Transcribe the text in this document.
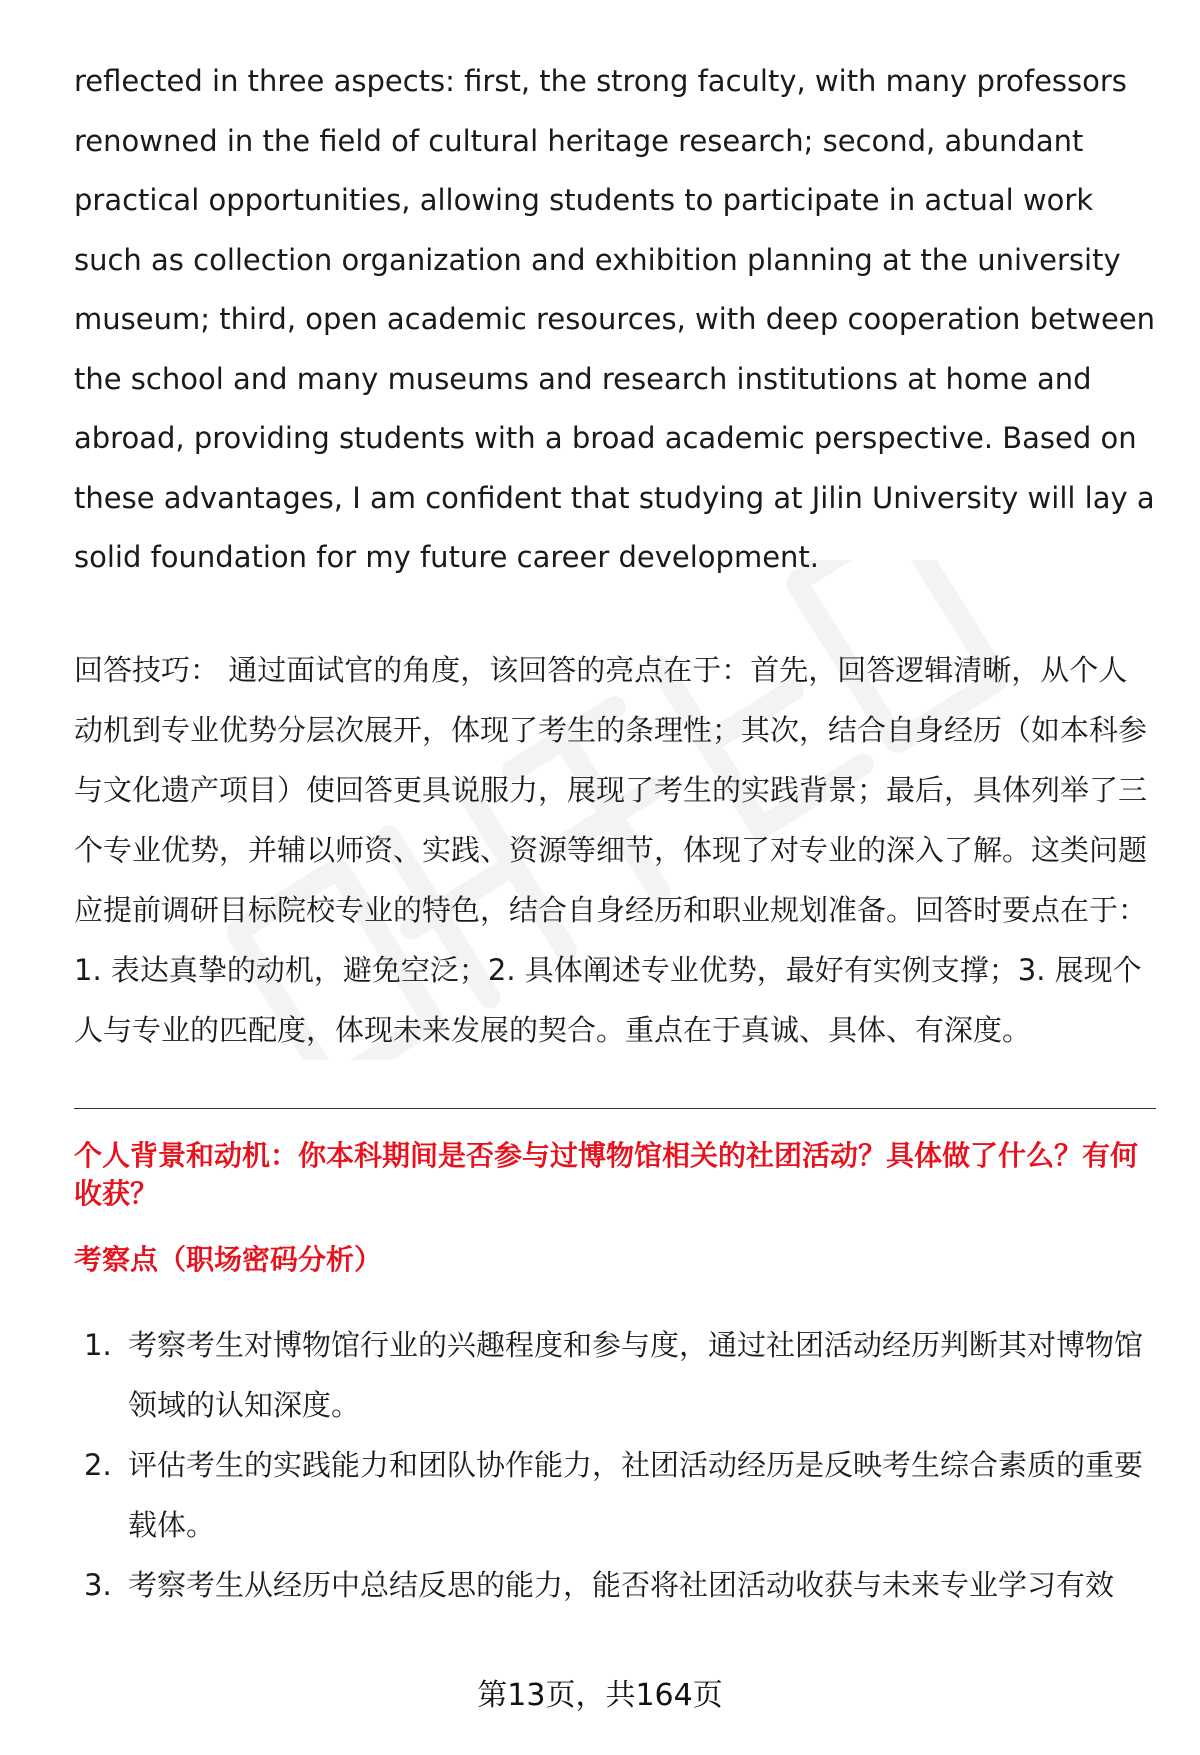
reflected in three aspects: first, the strong faculty, with many professors renowned in the field of cultural heritage research; second, abundant practical opportunities, allowing students to participate in actual work such as collection organization and exhibition planning at the university museum; third, open academic resources, with deep cooperation between the school and many museums and research institutions at home and abroad, providing students with a broad academic perspective. Based on these advantages, I am confident that studying at Jilin University will lay a solid foundation for my future career development.

回答技巧： 通过面试官的角度，该回答的亮点在于：首先，回答逻辑清晰，从个人动机到专业优势分层次展开，体现了考生的条理性；其次，结合自身经历（如本科参与文化遗产项目）使回答更具说服力，展现了考生的实践背景；最后，具体列举了三个专业优势，并辅以师资、实践、资源等细节，体现了对专业的深入了解。这类问题应提前调研目标院校专业的特色，结合自身经历和职业规划准备。回答时要点在于：1. 表达真挚的动机，避免空泛；2. 具体阐述专业优势，最好有实例支撑；3. 展现个人与专业的匹配度，体现未来发展的契合。重点在于真诚、具体、有深度。

个人背景和动机：你本科期间是否参与过博物馆相关的社团活动？具体做了什么？有何收获？

考察点（职场密码分析）

1. 考察考生对博物馆行业的兴趣程度和参与度，通过社团活动经历判断其对博物馆领域的认知深度。
2. 评估考生的实践能力和团队协作能力，社团活动经历是反映考生综合素质的重要载体。
3. 考察考生从经历中总结反思的能力，能否将社团活动收获与未来专业学习有效
第13页，共164页
